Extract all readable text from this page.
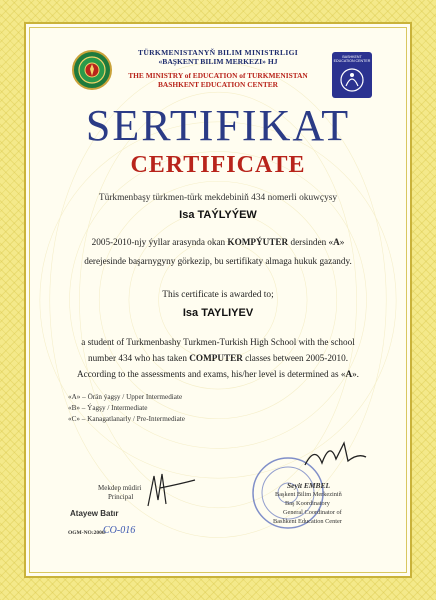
BASHKENT EDUCATION CENTER
TÜRKMENISTANYŇ BILIM MINISTRLIGI
«BAŞKENT BILIM MERKEZI» HJ
THE MINISTRY of EDUCATION of TURKMENISTAN
BASHKENT EDUCATION CENTER
SERTIFIKAT
CERTIFICATE
Türkmenbaşy türkmen-türk mekdebiniň 434 nomerli okuwçysy
Isa TAÝLYÝEW
2005-2010-njy ýyllar arasynda okan KOMPÝUTER dersinden «A»
derejesinde başarnygyny görkezip, bu sertifikaty almaga hukuk gazandy.
This certificate is awarded to;
Isa TAYLIYEV
a student of Turkmenbashy Turkmen-Turkish High School with the school
number 434 who has taken COMPUTER classes between 2005-2010.
According to the assessments and exams, his/her level is determined as «A».
«A» – Örän ýagşy / Upper Intermediate
«B» – Ýagşy / Intermediate
«C» – Kanagatlanarly / Pre-Intermediate
Mekdep müdiri
Principal
Atayew Batır
OGM-NO:2006/
CO-016
Seyit EMBEL
Başkent Bilim Merkeziniň
Baş Koordinatory
General Coordinator of
Bashkent Education Center
